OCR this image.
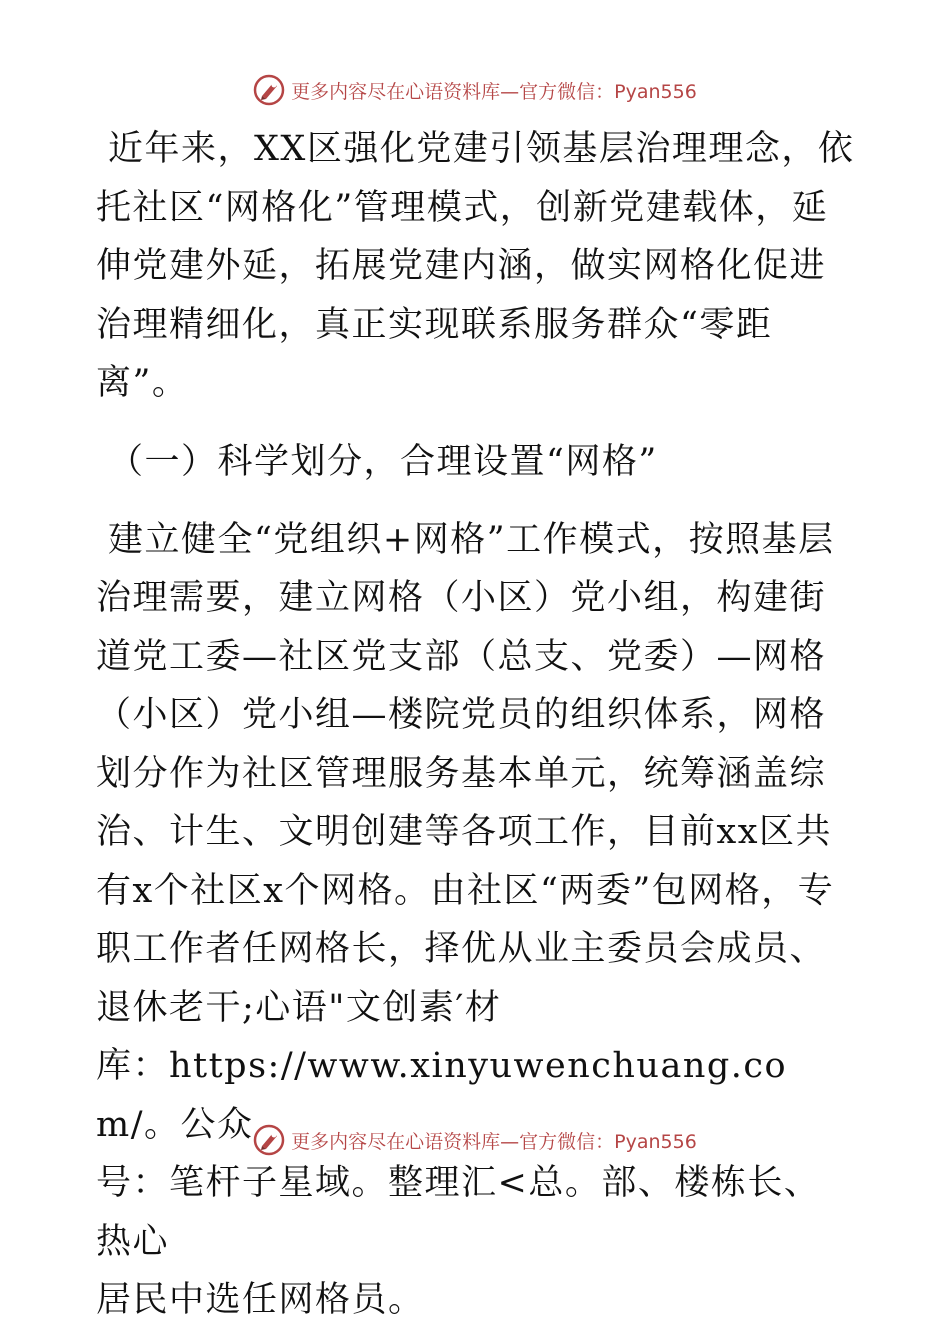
更多内容尽在心语资料库—官方微信：Pyan556

近年来，XX区强化党建引领基层治理理念，依托社区“网格化”管理模式，创新党建载体，延伸党建外延，拓展党建内涵，做实网格化促进治理精细化，真正实现联系服务群众“零距离”。

（一）科学划分，合理设置“网格”

建立健全“党组织+网格”工作模式，按照基层治理需要，建立网格（小区）党小组，构建街道党工委—社区党支部（总支、党委）—网格（小区）党小组—楼院党员的组织体系，网格划分作为社区管理服务基本单元，统筹涵盖综治、计生、文明创建等各项工作，目前xx区共有x个社区x个网格。由社区“两委”包网格，专职工作者任网格长，择优从业主委员会成员、退休老干;心语"文创素′材

库：https://www.xinyuwenchuang.com/。公众

号：笔杆子星域。整理汇<总。部、楼栋长、热心

居民中选任网格员。

更多内容尽在心语资料库—官方微信：Pyan556
